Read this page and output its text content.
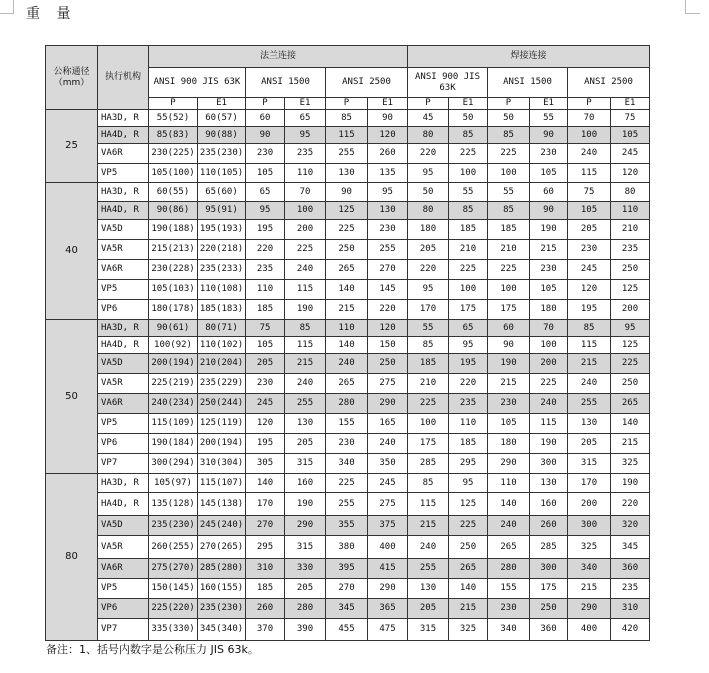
重 量
公称通径（mm）	执行机构	法兰连接						焊接连接					
		ANSI 900 JIS 63K		ANSI 1500		ANSI 2500		ANSI 900 JIS 63K		ANSI 1500		ANSI 2500	
		P	E1	P	E1	P	E1	P	E1	P	E1	P	E1
25	HA3D, R	55(52)	60(57)	60	65	85	90	45	50	50	55	70	75
	HA4D, R	85(83)	90(88)	90	95	115	120	80	85	85	90	100	105
	VA6R	230(225)	235(230)	230	235	255	260	220	225	225	230	240	245
	VP5	105(100)	110(105)	105	110	130	135	95	100	100	105	115	120
40	HA3D, R	60(55)	65(60)	65	70	90	95	50	55	55	60	75	80
	HA4D, R	90(86)	95(91)	95	100	125	130	80	85	85	90	105	110
	VA5D	190(188)	195(193)	195	200	225	230	180	185	185	190	205	210
	VA5R	215(213)	220(218)	220	225	250	255	205	210	210	215	230	235
	VA6R	230(228)	235(233)	235	240	265	270	220	225	225	230	245	250
	VP5	105(103)	110(108)	110	115	140	145	95	100	100	105	120	125
	VP6	180(178)	185(183)	185	190	215	220	170	175	175	180	195	200
50	HA3D, R	90(61)	80(71)	75	85	110	120	55	65	60	70	85	95
	HA4D, R	100(92)	110(102)	105	115	140	150	85	95	90	100	115	125
	VA5D	200(194)	210(204)	205	215	240	250	185	195	190	200	215	225
	VA5R	225(219)	235(229)	230	240	265	275	210	220	215	225	240	250
	VA6R	240(234)	250(244)	245	255	280	290	225	235	230	240	255	265
	VP5	115(109)	125(119)	120	130	155	165	100	110	105	115	130	140
	VP6	190(184)	200(194)	195	205	230	240	175	185	180	190	205	215
	VP7	300(294)	310(304)	305	315	340	350	285	295	290	300	315	325
80	HA3D, R	105(97)	115(107)	140	160	225	245	85	95	110	130	170	190
	HA4D, R	135(128)	145(138)	170	190	255	275	115	125	140	160	200	220
	VA5D	235(230)	245(240)	270	290	355	375	215	225	240	260	300	320
	VA5R	260(255)	270(265)	295	315	380	400	240	250	265	285	325	345
	VA6R	275(270)	285(280)	310	330	395	415	255	265	280	300	340	360
	VP5	150(145)	160(155)	185	205	270	290	130	140	155	175	215	235
	VP6	225(220)	235(230)	260	280	345	365	205	215	230	250	290	310
	VP7	335(330)	345(340)	370	390	455	475	315	325	340	360	400	420
备注：1、括号内数字是公称压力 JIS 63k。
